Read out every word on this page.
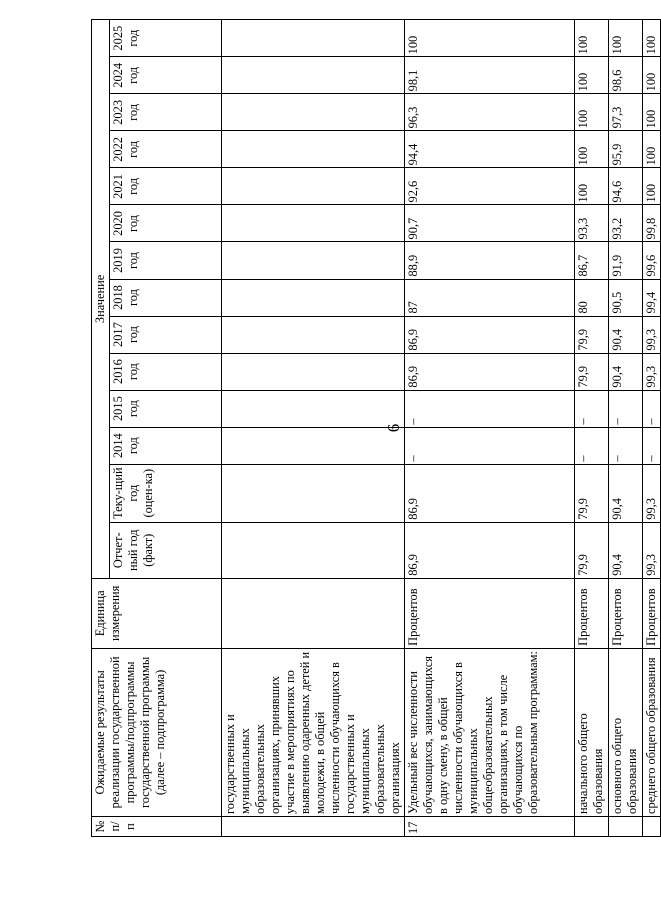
6
№ п/п	Ожидаемые результаты реализации государственной программы/подпрограммы государственной программы (далее – подпрограмма)	Единица измерения	Значение													
			Отчет-ный год (факт)	Теку-щий год (оцен-ка)	2014 год	2015 год	2016 год	2017 год	2018 год	2019 год	2020 год	2021 год	2022 год	2023 год	2024 год	2025 год
	государственных и муниципальных образовательных организациях, принявших участие в мероприятиях по выявлению одаренных детей и молодежи, в общей численности обучающихся в государственных и муниципальных образовательных организациях															
17	Удельный вес численности обучающихся, занимающихся в одну смену, в общей численности обучающихся в муниципальных общеобразовательных организациях, в том числе обучающихся по образовательным программам:	Процентов	86,9	86,9	–	–	86,9	86,9	87	88,9	90,7	92,6	94,4	96,3	98,1	100
	начального общего образования	Процентов	79,9	79,9	–	–	79,9	79,9	80	86,7	93,3	100	100	100	100	100
	основного общего образования	Процентов	90,4	90,4	–	–	90,4	90,4	90,5	91,9	93,2	94,6	95,9	97,3	98,6	100
	среднего общего образования	Процентов	99,3	99,3	–	–	99,3	99,3	99,4	99,6	99,8	100	100	100	100	100
